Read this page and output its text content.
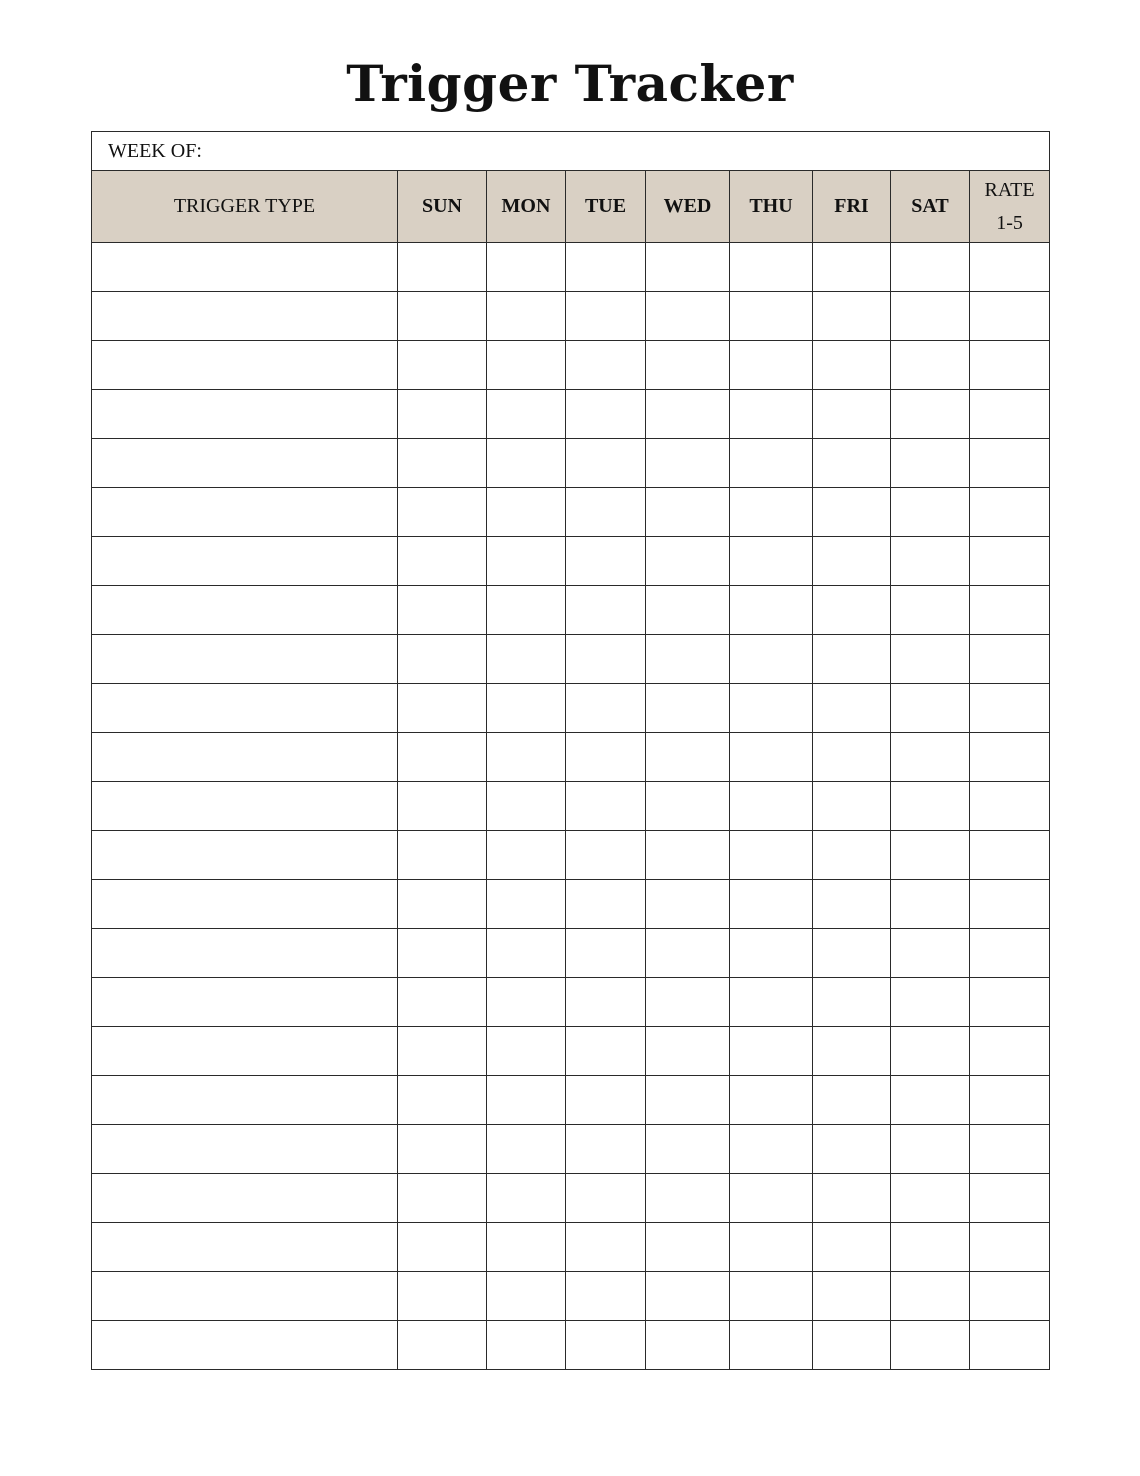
Trigger Tracker
WEEK OF:								
TRIGGER TYPE	SUN	MON	TUE	WED	THU	FRI	SAT	RATE
1-5
